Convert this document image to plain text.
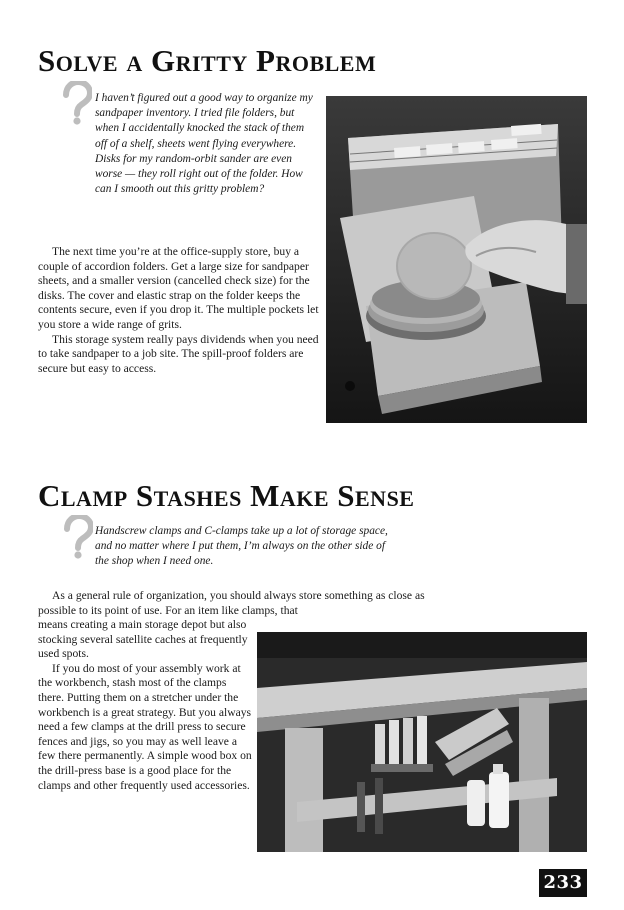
Solve a Gritty Problem

I haven’t figured out a good way to organize my sandpaper inventory. I tried file folders, but when I accidentally knocked the stack of them off of a shelf, sheets went flying everywhere. Disks for my random-orbit sander are even worse — they roll right out of the folder. How can I smooth out this gritty problem?

The next time you’re at the office-supply store, buy a couple of accordion folders. Get a large size for sandpaper sheets, and a smaller version (cancelled check size) for the disks. The cover and elastic strap on the folder keeps the contents secure, even if you drop it. The multiple pockets let you store a wide range of grits.

This storage system really pays dividends when you need to take sandpaper to a job site. The spill-proof folders are secure but easy to access.

Clamp Stashes Make Sense

Handscrew clamps and C-clamps take up a lot of storage space, and no matter where I put them, I’m always on the other side of the shop when I need one.

As a general rule of organization, you should always store something as close as possible to its point of use. For an item like clamps, that

means creating a main storage depot but also stocking several satellite caches at frequently used spots.

If you do most of your assembly work at the workbench, stash most of the clamps there. Putting them on a stretcher under the workbench is a great strategy. But you always need a few clamps at the drill press to secure fences and jigs, so you may as well leave a few there permanently. A simple wood box on the drill-press base is a good place for the clamps and other frequently used accessories.

233
